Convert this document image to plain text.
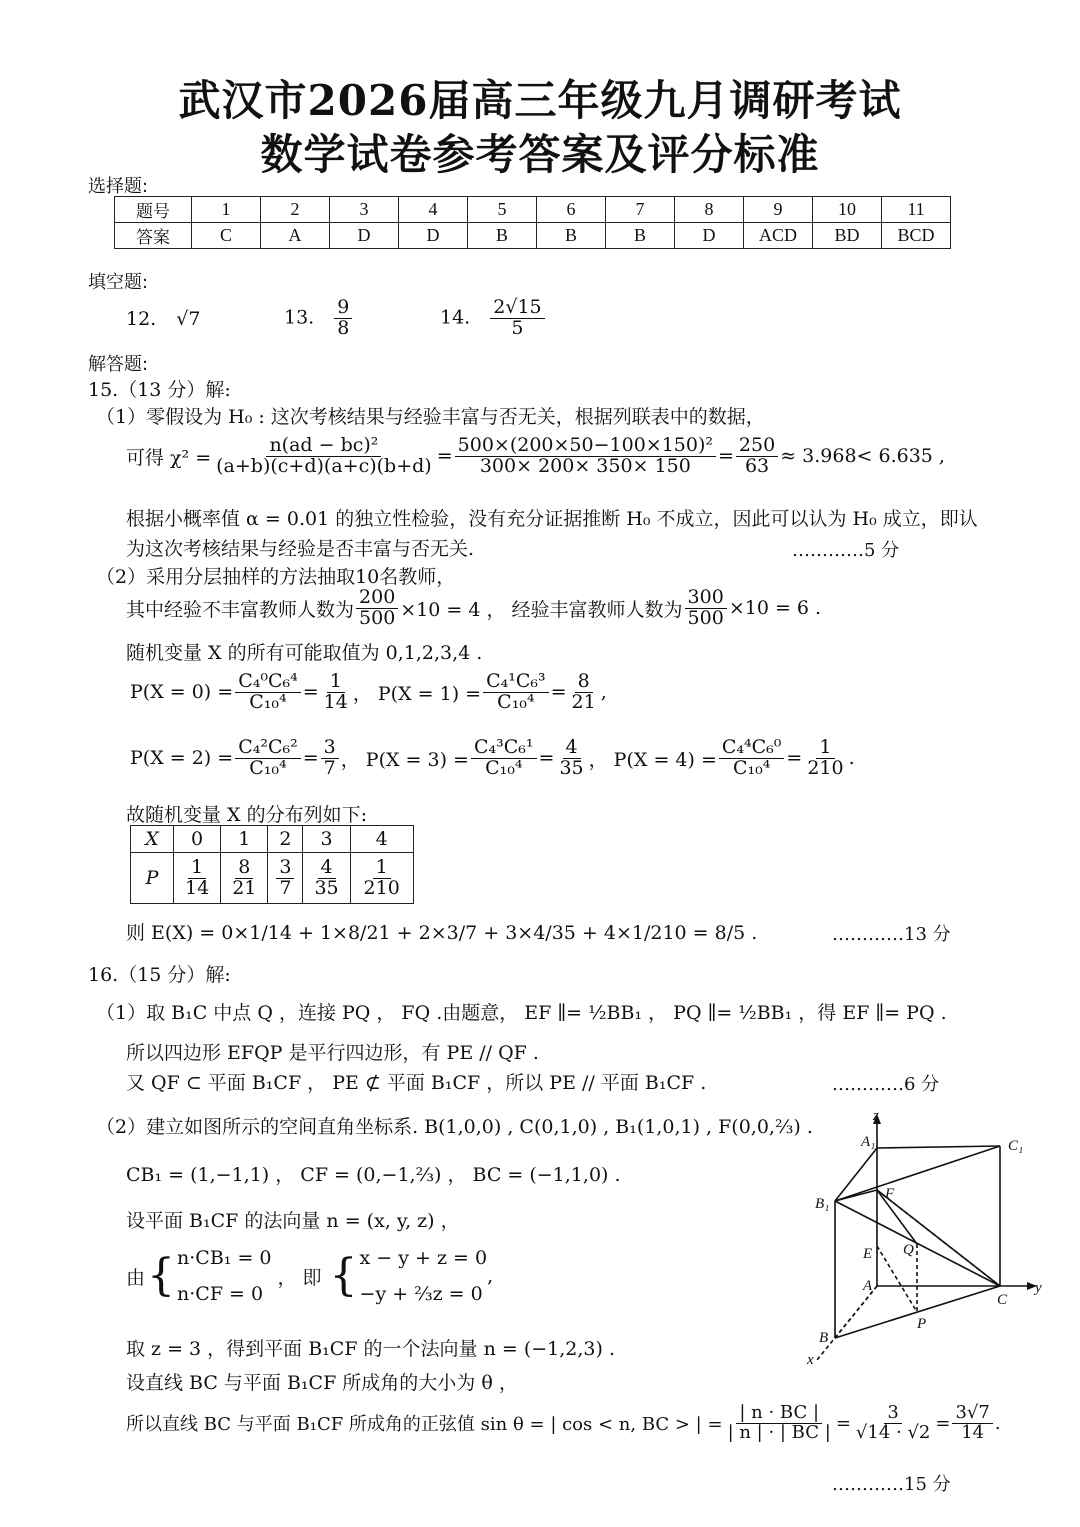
武汉市2026届高三年级九月调研考试
数学试卷参考答案及评分标准
选择题:
题号	1	2	3	4	5	6	7	8	9	10	11
答案	C	A	D	D	B	B	B	D	ACD	BD	BCD
填空题:
12. √7	13. $\frac{9}{8}$	14. $\frac{2√15}{5}$
解答题:
15.（13 分）解:
（1）零假设为 H₀ : 这次考核结果与经验丰富与否无关，根据列联表中的数据，
可得 $\chi^2 = \frac{\text{n(ad − bc)²}}{(a+b)(c+d)(a+c)(b+d)} = \frac{\text{500×(200×50−100×150)²}}{300\times 200\times 350\times 150} = \frac{250}{63} \approx 3.968< 6.635$ ,
根据小概率值 α = 0.01 的独立性检验，没有充分证据推断 H₀ 不成立，因此可以认为 H₀ 成立，即认
为这次考核结果与经验是否丰富与否无关.	…………5 分
（2）采用分层抽样的方法抽取10名教师，
其中经验不丰富教师人数为 $\frac{200}{500} \times 10 = 4$ ， 经验丰富教师人数为 $\frac{300}{500} \times 10 = 6$ .
随机变量 X 的所有可能取值为 0,1,2,3,4 .
$P(X = 0) = \frac{\text{C₄⁰C₆⁴}}{\text{C₁₀⁴}} = \frac{1}{14}$ ， $P(X = 1) = \frac{\text{C₄¹C₆³}}{\text{C₁₀⁴}} = \frac{8}{21}$ ,
$P(X = 2) = \frac{\text{C₄²C₆²}}{\text{C₁₀⁴}} = \frac{3}{7}$ ， $P(X = 3) = \frac{\text{C₄³C₆¹}}{\text{C₁₀⁴}} = \frac{4}{35}$ ， $P(X = 4) = \frac{\text{C₄⁴C₆⁰}}{\text{C₁₀⁴}} = \frac{1}{210}$ .
故随机变量 X 的分布列如下:
X	0	1	2	3	4
P	$\frac{1}{14}$	$\frac{8}{21}$	$\frac{3}{7}$	$\frac{4}{35}$	$\frac{1}{210}$
则 E(X) = 0×1/14 + 1×8/21 + 2×3/7 + 3×4/35 + 4×1/210 = 8/5 .	…………13 分
16.（15 分）解:
（1）取 B₁C 中点 Q ，连接 PQ ， FQ .由题意， EF ∥= ½BB₁ ， PQ ∥= ½BB₁ ，得 EF ∥= PQ .
所以四边形 EFQP 是平行四边形，有 PE // QF .
又 QF ⊂ 平面 B₁CF ， PE ⊄ 平面 B₁CF ，所以 PE // 平面 B₁CF .	…………6 分
（2）建立如图所示的空间直角坐标系. B(1,0,0) , C(0,1,0) , B₁(1,0,1) , F(0,0,⅔) .
CB₁ = (1,−1,1) ， CF = (0,−1,⅔) ， BC = (−1,1,0) .
设平面 B₁CF 的法向量 n = (x, y, z) ，
由 { n·CB₁ = 0
n·CF = 0
， 即 { x − y + z = 0
−y + ⅔z = 0
,
取 z = 3 ，得到平面 B₁CF 的一个法向量 n = (−1,2,3) .
设直线 BC 与平面 B₁CF 所成角的大小为 θ ，
所以直线 BC 与平面 B₁CF 所成角的正弦值 sin θ = | cos < n, BC > | = $\frac{| n \cdot BC |}{| n | \cdot | BC |} = \frac{3}{√14 \cdot √2} = \frac{3√7}{14}$ .
…………15 分
z
A₁	C₁
B₁
F
E Q
A	y
C
P
B
x
